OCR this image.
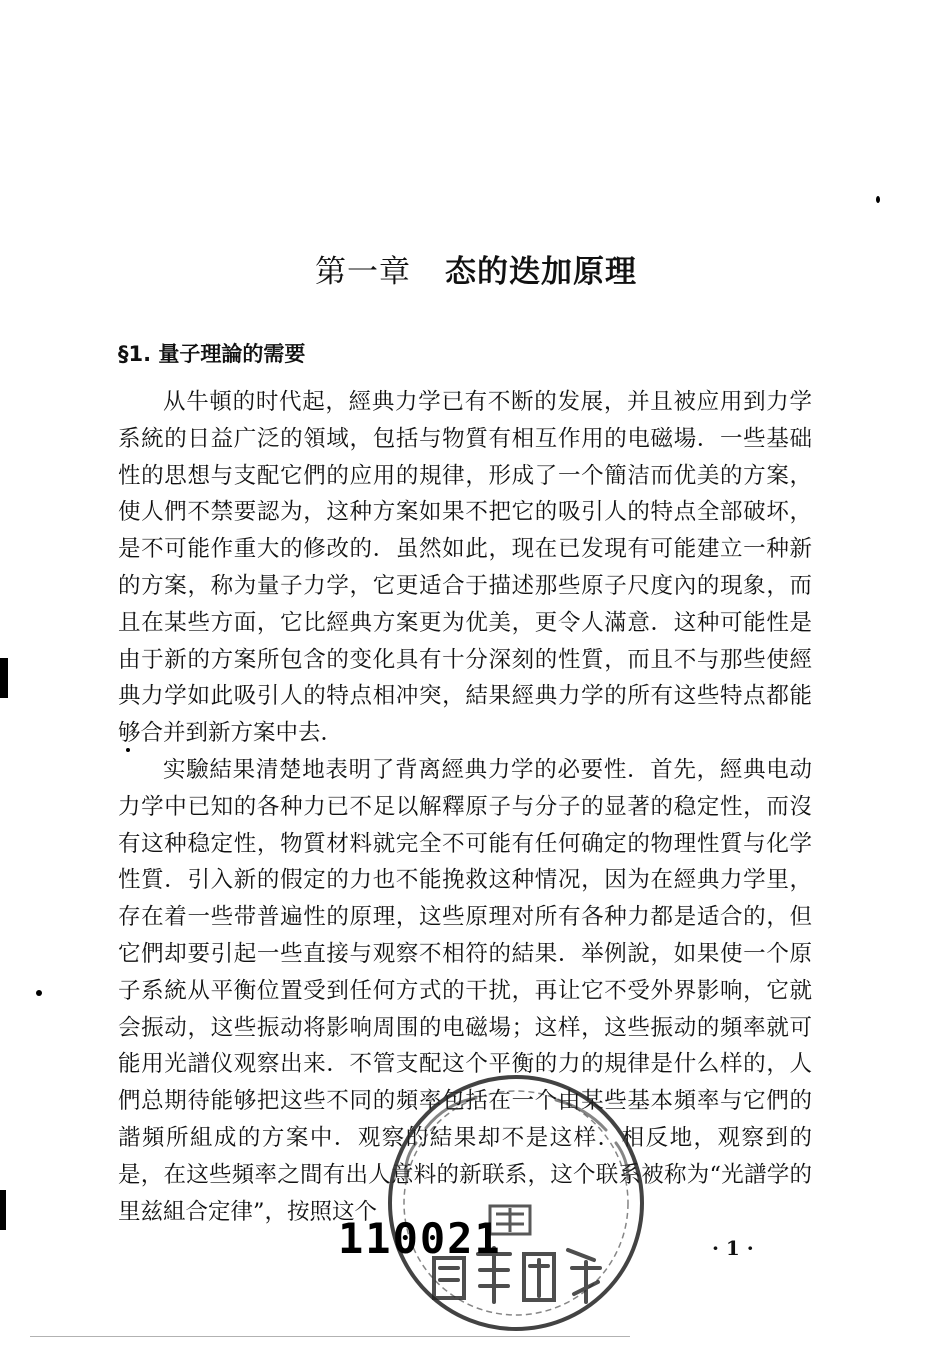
第一章 态的迭加原理
§1. 量子理論的需要

从牛頓的时代起，經典力学已有不断的发展，并且被应用到力学系統的日益广泛的領域，包括与物質有相互作用的电磁場．一些基础性的思想与支配它們的应用的規律，形成了一个簡洁而优美的方案，使人們不禁要認为，这种方案如果不把它的吸引人的特点全部破坏，是不可能作重大的修改的．虽然如此，现在已发現有可能建立一种新的方案，称为量子力学，它更适合于描述那些原子尺度內的現象，而且在某些方面，它比經典方案更为优美，更令人滿意．这种可能性是由于新的方案所包含的变化具有十分深刻的性質，而且不与那些使經典力学如此吸引人的特点相冲突，結果經典力学的所有这些特点都能够合并到新方案中去．

实驗結果清楚地表明了背离經典力学的必要性．首先，經典电动力学中已知的各种力已不足以解釋原子与分子的显著的稳定性，而沒有这种稳定性，物質材料就完全不可能有任何确定的物理性質与化学性質．引入新的假定的力也不能挽救这种情况，因为在經典力学里，存在着一些带普遍性的原理，这些原理对所有各种力都是适合的，但它們却要引起一些直接与观察不相符的結果．举例說，如果使一个原子系統从平衡位置受到任何方式的干扰，再让它不受外界影响，它就会振动，这些振动将影响周围的电磁場；这样，这些振动的頻率就可能用光譜仪观察出来．不管支配这个平衡的力的規律是什么样的，人們总期待能够把这些不同的頻率包括在一个由某些基本頻率与它們的諧頻所組成的方案中．观察的結果却不是这样．相反地，观察到的是，在这些頻率之間有出人意料的新联系，这个联系被称为“光譜学的里兹組合定律”，按照这个

110021	· 1 ·
